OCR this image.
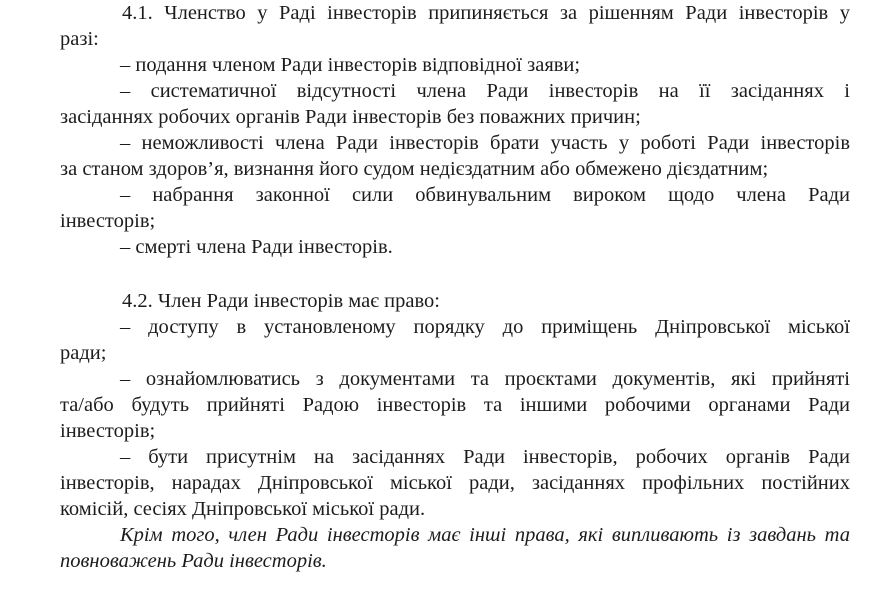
4.1. Членство у Раді інвесторів припиняється за рішенням Ради інвесторів у
разі:
– подання членом Ради інвесторів відповідної заяви;
– систематичної відсутності члена Ради інвесторів на її засіданнях і
засіданнях робочих органів Ради інвесторів без поважних причин;
– неможливості члена Ради інвесторів брати участь у роботі Ради інвесторів
за станом здоров’я, визнання його судом недієздатним або обмежено дієздатним;
– набрання законної сили обвинувальним вироком щодо члена Ради
інвесторів;
– смерті члена Ради інвесторів.
4.2. Член Ради інвесторів має право:
– доступу в установленому порядку до приміщень Дніпровської міської
ради;
– ознайомлюватись з документами та проєктами документів, які прийняті
та/або будуть прийняті Радою інвесторів та іншими робочими органами Ради
інвесторів;
– бути присутнім на засіданнях Ради інвесторів, робочих органів Ради
інвесторів, нарадах Дніпровської міської ради, засіданнях профільних постійних
комісій, сесіях Дніпровської міської ради.
Крім того, член Ради інвесторів має інші права, які випливають із завдань та
повноважень Ради інвесторів.
